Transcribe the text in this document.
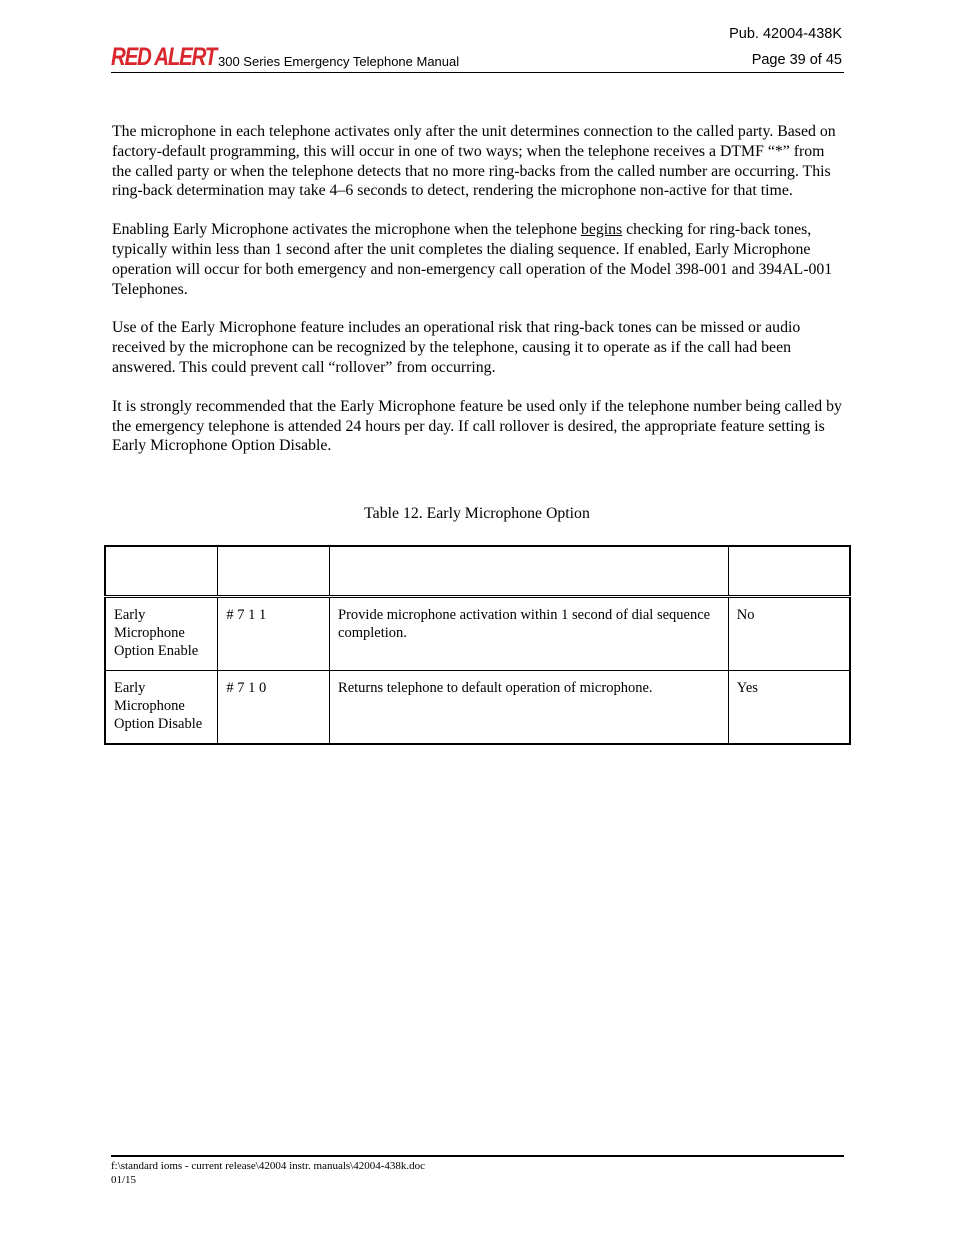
Pub. 42004-438K
RED ALERT 300 Series Emergency Telephone Manual	Page 39 of 45

The microphone in each telephone activates only after the unit determines connection to the called party. Based on factory-default programming, this will occur in one of two ways; when the telephone receives a DTMF “*” from the called party or when the telephone detects that no more ring-backs from the called number are occurring. This ring-back determination may take 4–6 seconds to detect, rendering the microphone non-active for that time.

Enabling Early Microphone activates the microphone when the telephone begins checking for ring-back tones, typically within less than 1 second after the unit completes the dialing sequence. If enabled, Early Microphone operation will occur for both emergency and non-emergency call operation of the Model 398-001 and 394AL-001 Telephones.

Use of the Early Microphone feature includes an operational risk that ring-back tones can be missed or audio received by the microphone can be recognized by the telephone, causing it to operate as if the call had been answered. This could prevent call “rollover” from occurring.

It is strongly recommended that the Early Microphone feature be used only if the telephone number being called by the emergency telephone is attended 24 hours per day. If call rollover is desired, the appropriate feature setting is Early Microphone Option Disable.

Table 12. Early Microphone Option

Early Microphone Option Enable	# 7 1 1	Provide microphone activation within 1 second of dial sequence completion.	No
Early Microphone Option Disable	# 7 1 0	Returns telephone to default operation of microphone.	Yes
f:\standard ioms - current release\42004 instr. manuals\42004-438k.doc
01/15
